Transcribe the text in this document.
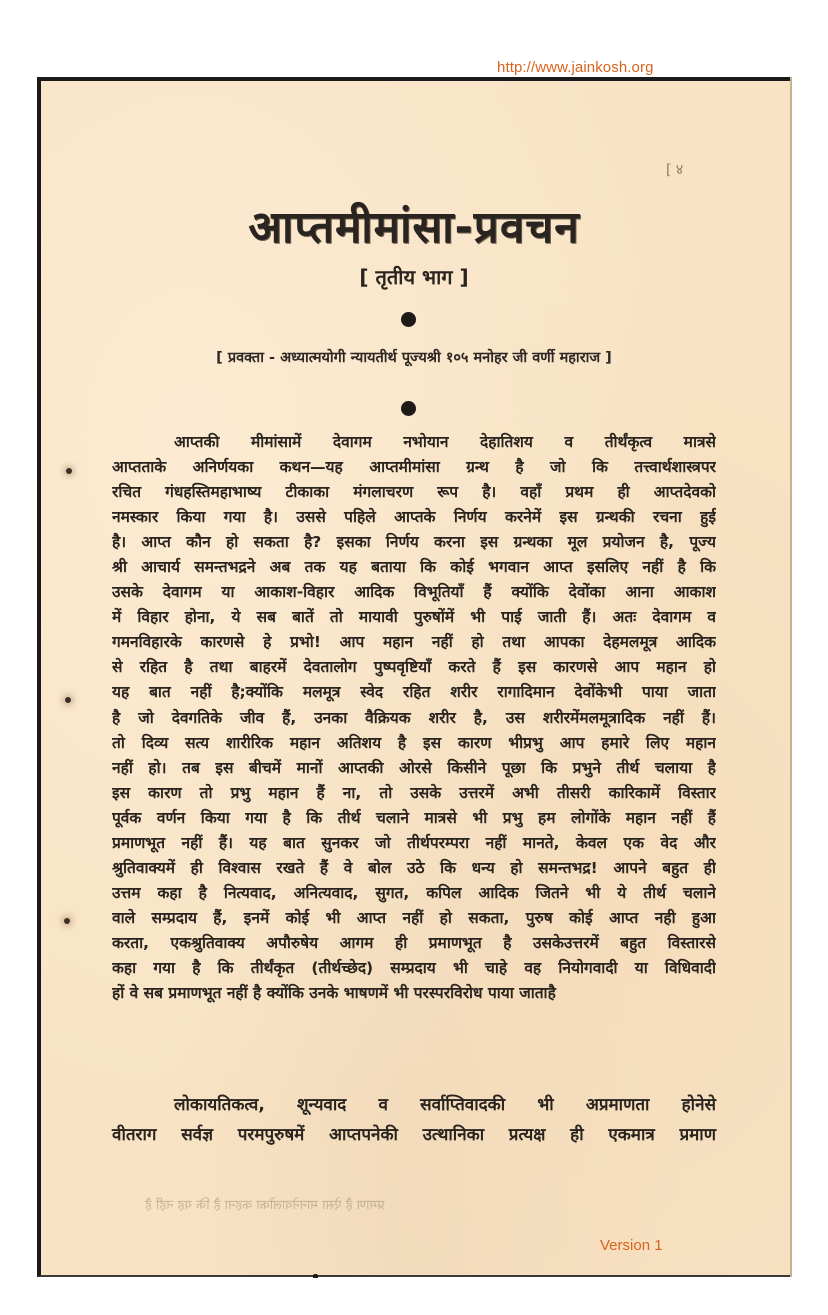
http://www.jainkosh.org
[ ४
आप्तमीमांसा-प्रवचन
[ तृतीय भाग ]
[ प्रवक्ता - अध्यात्मयोगी न्यायतीर्थ पूज्यश्री १०५ मनोहर जी वर्णी महाराज ]
आप्तकी मीमांसामें देवागम नभोयान देहातिशय व तीर्थंकृत्व मात्रसे
आप्तताके अनिर्णयका कथन—यह आप्तमीमांसा ग्रन्थ है जो कि तत्त्वार्थशास्त्रपर
रचित गंधहस्तिमहाभाष्य टीकाका मंगलाचरण रूप है। वहाँ प्रथम ही आप्तदेवको
नमस्कार किया गया है। उससे पहिले आप्तके निर्णय करनेमें इस ग्रन्थकी रचना हुई
है। आप्त कौन हो सकता है? इसका निर्णय करना इस ग्रन्थका मूल प्रयोजन है, पूज्य
श्री आचार्य समन्तभद्रने अब तक यह बताया कि कोई भगवान आप्त इसलिए नहीं है कि
उसके देवागम या आकाश-विहार आदिक विभूतियाँ हैं क्योंकि देवोंका आना आकाश
में विहार होना, ये सब बातें तो मायावी पुरुषोंमें भी पाई जाती हैं। अतः देवागम व
गमनविहारके कारणसे हे प्रभो! आप महान नहीं हो तथा आपका देहमलमूत्र आदिक
से रहित है तथा बाहरमें देवतालोग पुष्पवृष्टियाँ करते हैं इस कारणसे आप महान हो
यह बात नहीं है;क्योंकि मलमूत्र स्वेद रहित शरीर रागादिमान देवोंकेभी पाया जाता
है जो देवगतिके जीव हैं, उनका वैक्रियक शरीर है, उस शरीरमेंमलमूत्रादिक नहीं हैं।
तो दिव्य सत्य शारीरिक महान अतिशय है इस कारण भीप्रभु आप हमारे लिए महान
नहीं हो। तब इस बीचमें मानों आप्तकी ओरसे किसीने पूछा कि प्रभुने तीर्थ चलाया है
इस कारण तो प्रभु महान हैं ना, तो उसके उत्तरमें अभी तीसरी कारिकामें विस्तार
पूर्वक वर्णन किया गया है कि तीर्थ चलाने मात्रसे भी प्रभु हम लोगोंके महान नहीं हैं
प्रमाणभूत नहीं हैं। यह बात सुनकर जो तीर्थपरम्परा नहीं मानते, केवल एक वेद और
श्रुतिवाक्यमें ही विश्वास रखते हैं वे बोल उठे कि धन्य हो समन्तभद्र! आपने बहुत ही
उत्तम कहा है नित्यवाद, अनित्यवाद, सुगत, कपिल आदिक जितने भी ये तीर्थ चलाने
वाले सम्प्रदाय हैं, इनमें कोई भी आप्त नहीं हो सकता, पुरुष कोई आप्त नही हुआ
करता, एकश्रुतिवाक्य अपौरुषेय आगम ही प्रमाणभूत है उसकेउत्तरमें बहुत विस्तारसे
कहा गया है कि तीर्थंकृत (तीर्थच्छेद) सम्प्रदाय भी चाहे वह नियोगवादी या विधिवादी
हों वे सब प्रमाणभूत नहीं है क्योंकि उनके भाषणमें भी परस्परविरोध पाया जाताहै
लोकायतिकत्व, शून्यवाद व सर्वाप्तिवादकी भी अप्रमाणता होनेसे
वीतराग सर्वज्ञ परमपुरुषमें आप्तपनेकी उत्थानिका प्रत्यक्ष ही एकमात्र प्रमाण
प्रमाण है ऐसा माननेवालोंका कहना है कि यह नहीं है
Version 1
